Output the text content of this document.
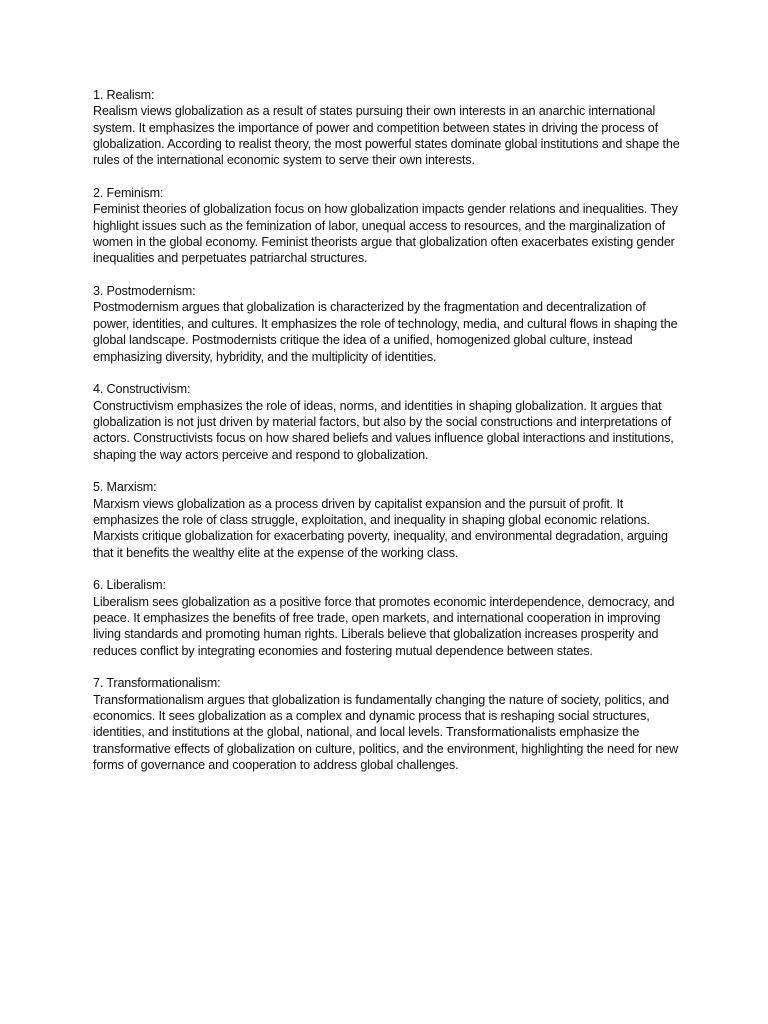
1. Realism:

Realism views globalization as a result of states pursuing their own interests in an anarchic international system. It emphasizes the importance of power and competition between states in driving the process of globalization. According to realist theory, the most powerful states dominate global institutions and shape the rules of the international economic system to serve their own interests.

2. Feminism:

Feminist theories of globalization focus on how globalization impacts gender relations and inequalities. They highlight issues such as the feminization of labor, unequal access to resources, and the marginalization of women in the global economy. Feminist theorists argue that globalization often exacerbates existing gender inequalities and perpetuates patriarchal structures.

3. Postmodernism:

Postmodernism argues that globalization is characterized by the fragmentation and decentralization of power, identities, and cultures. It emphasizes the role of technology, media, and cultural flows in shaping the global landscape. Postmodernists critique the idea of a unified, homogenized global culture, instead emphasizing diversity, hybridity, and the multiplicity of identities.

4. Constructivism:

Constructivism emphasizes the role of ideas, norms, and identities in shaping globalization. It argues that globalization is not just driven by material factors, but also by the social constructions and interpretations of actors. Constructivists focus on how shared beliefs and values influence global interactions and institutions, shaping the way actors perceive and respond to globalization.

5. Marxism:

Marxism views globalization as a process driven by capitalist expansion and the pursuit of profit. It emphasizes the role of class struggle, exploitation, and inequality in shaping global economic relations. Marxists critique globalization for exacerbating poverty, inequality, and environmental degradation, arguing that it benefits the wealthy elite at the expense of the working class.

6. Liberalism:

Liberalism sees globalization as a positive force that promotes economic interdependence, democracy, and peace. It emphasizes the benefits of free trade, open markets, and international cooperation in improving living standards and promoting human rights. Liberals believe that globalization increases prosperity and reduces conflict by integrating economies and fostering mutual dependence between states.

7. Transformationalism:

Transformationalism argues that globalization is fundamentally changing the nature of society, politics, and economics. It sees globalization as a complex and dynamic process that is reshaping social structures, identities, and institutions at the global, national, and local levels. Transformationalists emphasize the transformative effects of globalization on culture, politics, and the environment, highlighting the need for new forms of governance and cooperation to address global challenges.
